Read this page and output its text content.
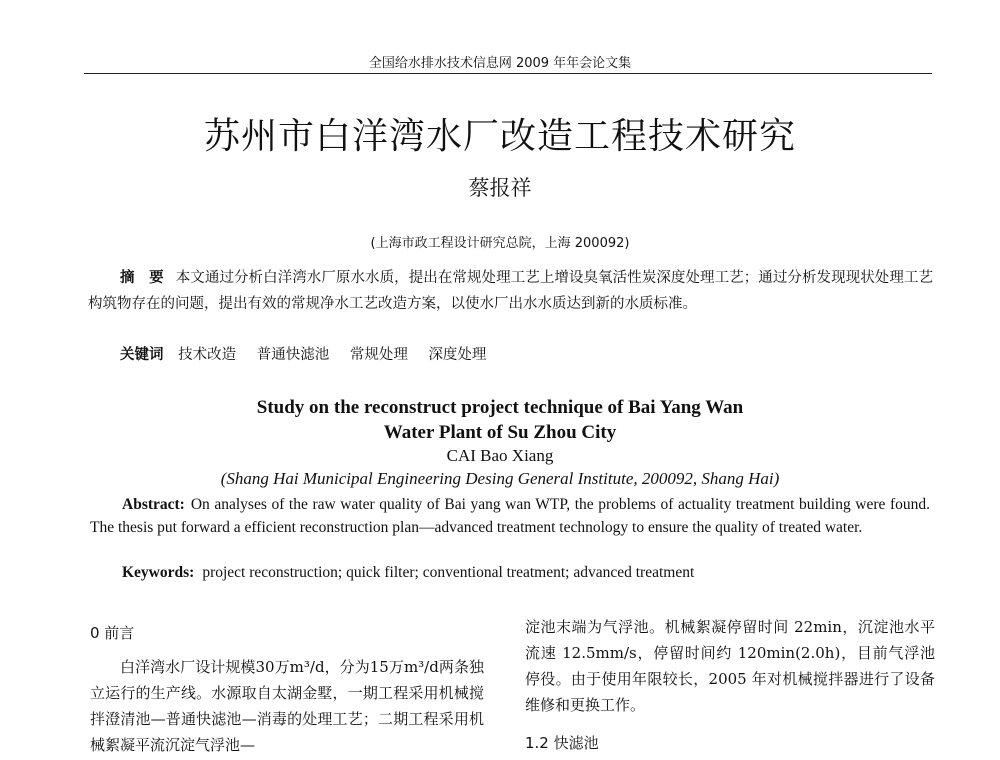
全国给水排水技术信息网 2009 年年会论文集
苏州市白洋湾水厂改造工程技术研究
蔡报祥
(上海市政工程设计研究总院，上海 200092)
摘　要 本文通过分析白洋湾水厂原水水质，提出在常规处理工艺上增设臭氧活性炭深度处理工艺；通过分析发现现状处理工艺构筑物存在的问题，提出有效的常规净水工艺改造方案，以使水厂出水水质达到新的水质标准。
关键词 技术改造 普通快滤池 常规处理 深度处理
Study on the reconstruct project technique of Bai Yang Wan
Water Plant of Su Zhou City
CAI Bao Xiang
(Shang Hai Municipal Engineering Desing General Institute, 200092, Shang Hai)
Abstract: On analyses of the raw water quality of Bai yang wan WTP, the problems of actuality treatment building were found. The thesis put forward a efficient reconstruction plan—advanced treatment technology to ensure the quality of treated water.
Keywords: project reconstruction; quick filter; conventional treatment; advanced treatment
0 前言

白洋湾水厂设计规模30万m³/d，分为15万m³/d两条独立运行的生产线。水源取自太湖金墅，一期工程采用机械搅拌澄清池—普通快滤池—消毒的处理工艺；二期工程采用机械絮凝平流沉淀气浮池—

淀池末端为气浮池。机械絮凝停留时间 22min，沉淀池水平流速 12.5mm/s，停留时间约 120min(2.0h)，目前气浮池停役。由于使用年限较长，2005 年对机械搅拌器进行了设备维修和更换工作。

1.2 快滤池
